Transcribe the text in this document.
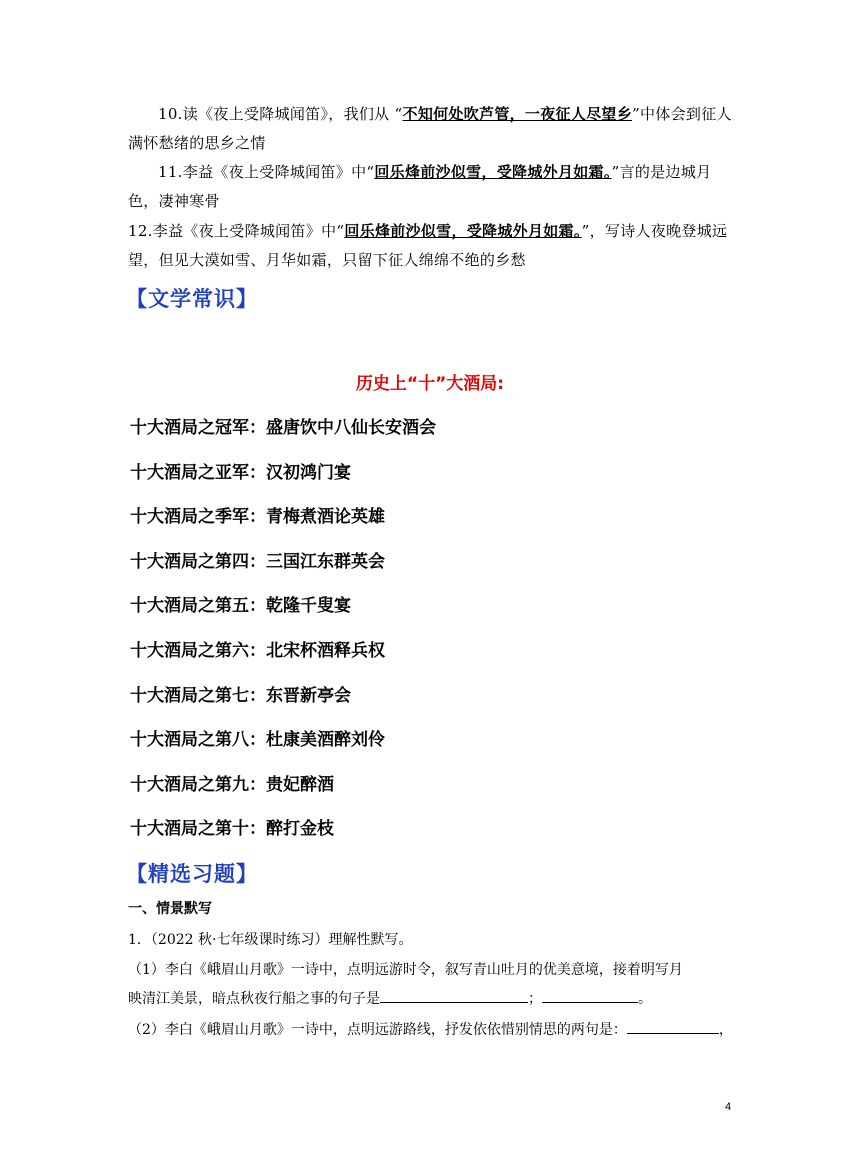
10.读《夜上受降城闻笛》，我们从 “不知何处吹芦管，一夜征人尽望乡”中体会到征人满怀愁绪的思乡之情
11.李益《夜上受降城闻笛》中“回乐烽前沙似雪，受降城外月如霜。”言的是边城月色，凄神寒骨
12.李益《夜上受降城闻笛》中“回乐烽前沙似雪，受降城外月如霜。”，写诗人夜晚登城远望，但见大漠如雪、月华如霜，只留下征人绵绵不绝的乡愁
【文学常识】
历史上“十”大酒局:
十大酒局之冠军：盛唐饮中八仙长安酒会
十大酒局之亚军：汉初鸿门宴
十大酒局之季军：青梅煮酒论英雄
十大酒局之第四：三国江东群英会
十大酒局之第五：乾隆千叟宴
十大酒局之第六：北宋杯酒释兵权
十大酒局之第七：东晋新亭会
十大酒局之第八：杜康美酒醉刘伶
十大酒局之第九：贵妃醉酒
十大酒局之第十：醉打金枝
【精选习题】
一、情景默写
1．（2022 秋·七年级课时练习）理解性默写。
（1）李白《峨眉山月歌》一诗中，点明远游时令，叙写青山吐月的优美意境，接着明写月
映清江美景，暗点秋夜行船之事的句子是	；	。
（2）李白《峨眉山月歌》一诗中，点明远游路线，抒发依依惜别情思的两句是：	，
4
